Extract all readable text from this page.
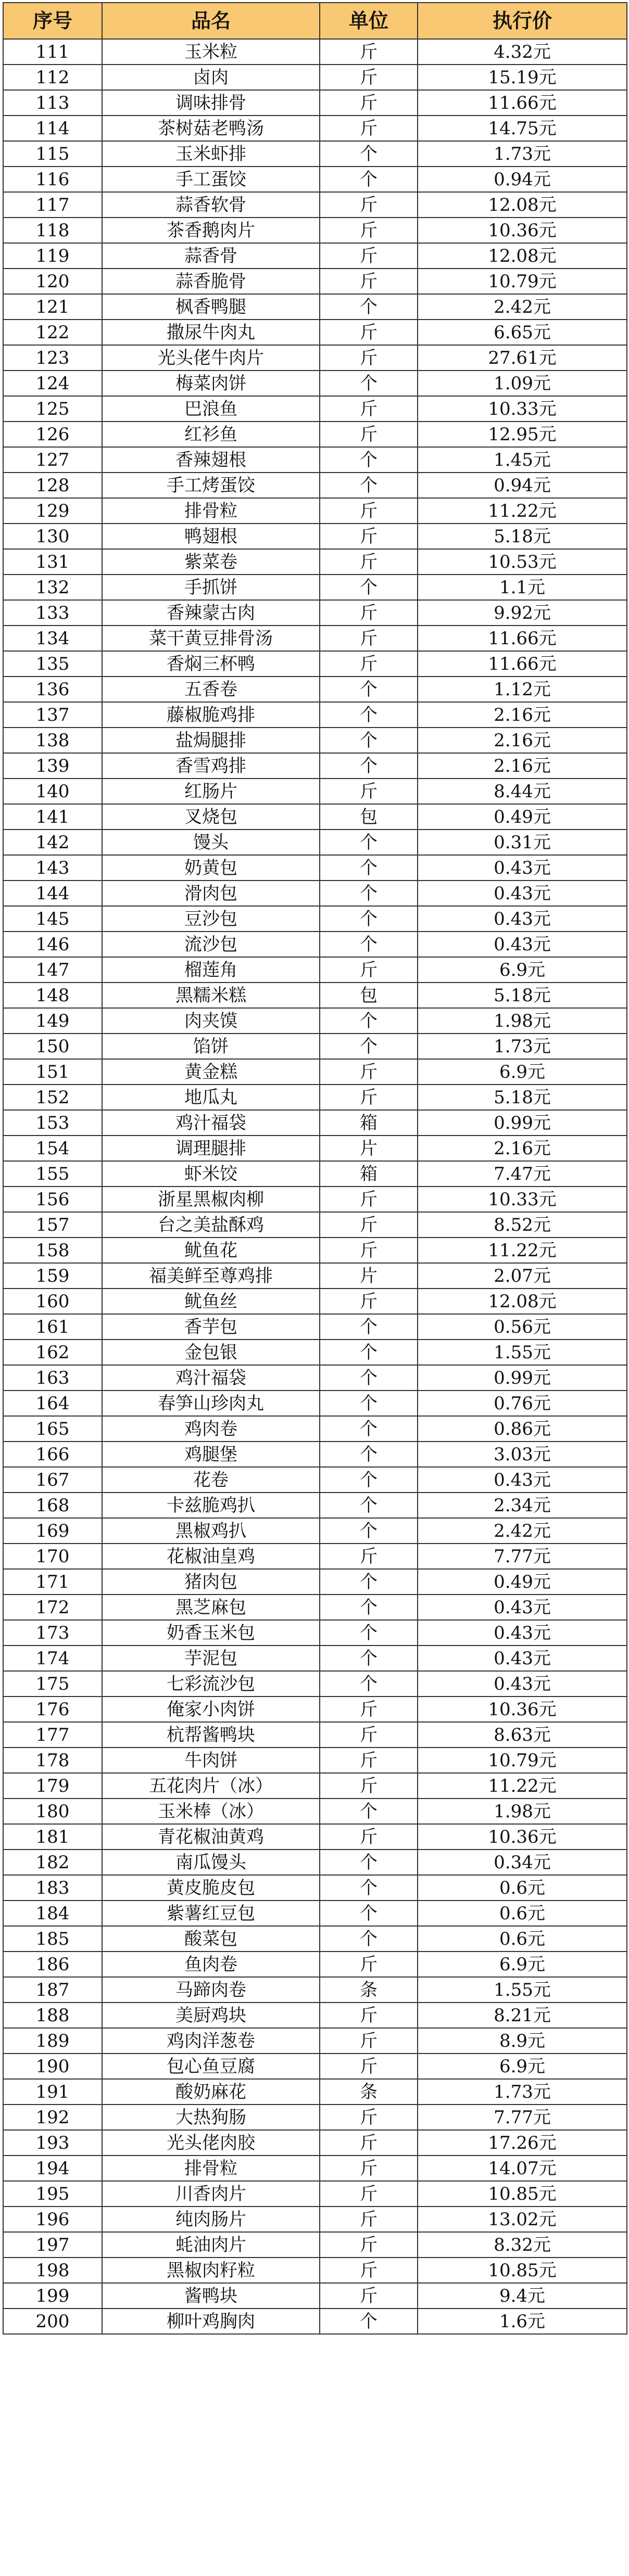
序号	品名	单位	执行价
111	玉米粒	斤	4.32元
112	卤肉	斤	15.19元
113	调味排骨	斤	11.66元
114	茶树菇老鸭汤	斤	14.75元
115	玉米虾排	个	1.73元
116	手工蛋饺	个	0.94元
117	蒜香软骨	斤	12.08元
118	茶香鹅肉片	斤	10.36元
119	蒜香骨	斤	12.08元
120	蒜香脆骨	斤	10.79元
121	枫香鸭腿	个	2.42元
122	撒尿牛肉丸	斤	6.65元
123	光头佬牛肉片	斤	27.61元
124	梅菜肉饼	个	1.09元
125	巴浪鱼	斤	10.33元
126	红衫鱼	斤	12.95元
127	香辣翅根	个	1.45元
128	手工烤蛋饺	个	0.94元
129	排骨粒	斤	11.22元
130	鸭翅根	斤	5.18元
131	紫菜卷	斤	10.53元
132	手抓饼	个	1.1元
133	香辣蒙古肉	斤	9.92元
134	菜干黄豆排骨汤	斤	11.66元
135	香焖三杯鸭	斤	11.66元
136	五香卷	个	1.12元
137	藤椒脆鸡排	个	2.16元
138	盐焗腿排	个	2.16元
139	香雪鸡排	个	2.16元
140	红肠片	斤	8.44元
141	叉烧包	包	0.49元
142	馒头	个	0.31元
143	奶黄包	个	0.43元
144	滑肉包	个	0.43元
145	豆沙包	个	0.43元
146	流沙包	个	0.43元
147	榴莲角	斤	6.9元
148	黑糯米糕	包	5.18元
149	肉夹馍	个	1.98元
150	馅饼	个	1.73元
151	黄金糕	斤	6.9元
152	地瓜丸	斤	5.18元
153	鸡汁福袋	箱	0.99元
154	调理腿排	片	2.16元
155	虾米饺	箱	7.47元
156	浙星黑椒肉柳	斤	10.33元
157	台之美盐酥鸡	斤	8.52元
158	鱿鱼花	斤	11.22元
159	福美鲜至尊鸡排	片	2.07元
160	鱿鱼丝	斤	12.08元
161	香芋包	个	0.56元
162	金包银	个	1.55元
163	鸡汁福袋	个	0.99元
164	春笋山珍肉丸	个	0.76元
165	鸡肉卷	个	0.86元
166	鸡腿堡	个	3.03元
167	花卷	个	0.43元
168	卡兹脆鸡扒	个	2.34元
169	黑椒鸡扒	个	2.42元
170	花椒油皇鸡	斤	7.77元
171	猪肉包	个	0.49元
172	黑芝麻包	个	0.43元
173	奶香玉米包	个	0.43元
174	芋泥包	个	0.43元
175	七彩流沙包	个	0.43元
176	俺家小肉饼	斤	10.36元
177	杭帮酱鸭块	斤	8.63元
178	牛肉饼	斤	10.79元
179	五花肉片（冰）	斤	11.22元
180	玉米棒（冰）	个	1.98元
181	青花椒油黄鸡	斤	10.36元
182	南瓜馒头	个	0.34元
183	黄皮脆皮包	个	0.6元
184	紫薯红豆包	个	0.6元
185	酸菜包	个	0.6元
186	鱼肉卷	斤	6.9元
187	马蹄肉卷	条	1.55元
188	美厨鸡块	斤	8.21元
189	鸡肉洋葱卷	斤	8.9元
190	包心鱼豆腐	斤	6.9元
191	酸奶麻花	条	1.73元
192	大热狗肠	斤	7.77元
193	光头佬肉胶	斤	17.26元
194	排骨粒	斤	14.07元
195	川香肉片	斤	10.85元
196	纯肉肠片	斤	13.02元
197	蚝油肉片	斤	8.32元
198	黑椒肉籽粒	斤	10.85元
199	酱鸭块	斤	9.4元
200	柳叶鸡胸肉	个	1.6元
